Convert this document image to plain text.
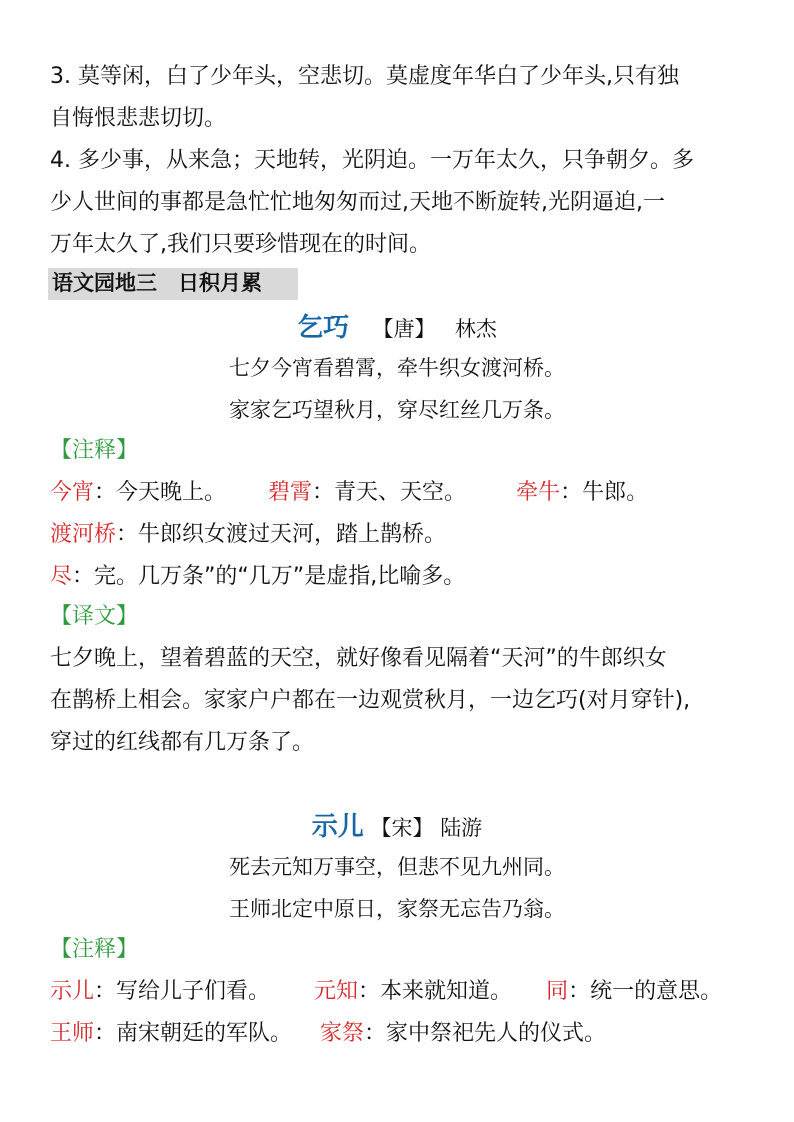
3. 莫等闲，白了少年头，空悲切。莫虚度年华白了少年头,只有独
自悔恨悲悲切切。
4. 多少事，从来急；天地转，光阴迫。一万年太久，只争朝夕。多
少人世间的事都是急忙忙地匆匆而过,天地不断旋转,光阴逼迫,一
万年太久了,我们只要珍惜现在的时间。
语文园地三　日积月累
乞巧 【唐】 林杰
七夕今宵看碧霄，牵牛织女渡河桥。
家家乞巧望秋月，穿尽红丝几万条。
【注释】
今宵：今天晚上。 碧霄：青天、天空。 牵牛：牛郎。
渡河桥：牛郎织女渡过天河，踏上鹊桥。
尽：完。几万条”的“几万”是虚指,比喻多。
【译文】
七夕晚上，望着碧蓝的天空，就好像看见隔着“天河”的牛郎织女
在鹊桥上相会。家家户户都在一边观赏秋月，一边乞巧(对月穿针),
穿过的红线都有几万条了。
示儿 【宋】 陆游
死去元知万事空，但悲不见九州同。
王师北定中原日，家祭无忘告乃翁。
【注释】
示儿：写给儿子们看。 元知：本来就知道。 同：统一的意思。
王师：南宋朝廷的军队。 家祭：家中祭祀先人的仪式。
